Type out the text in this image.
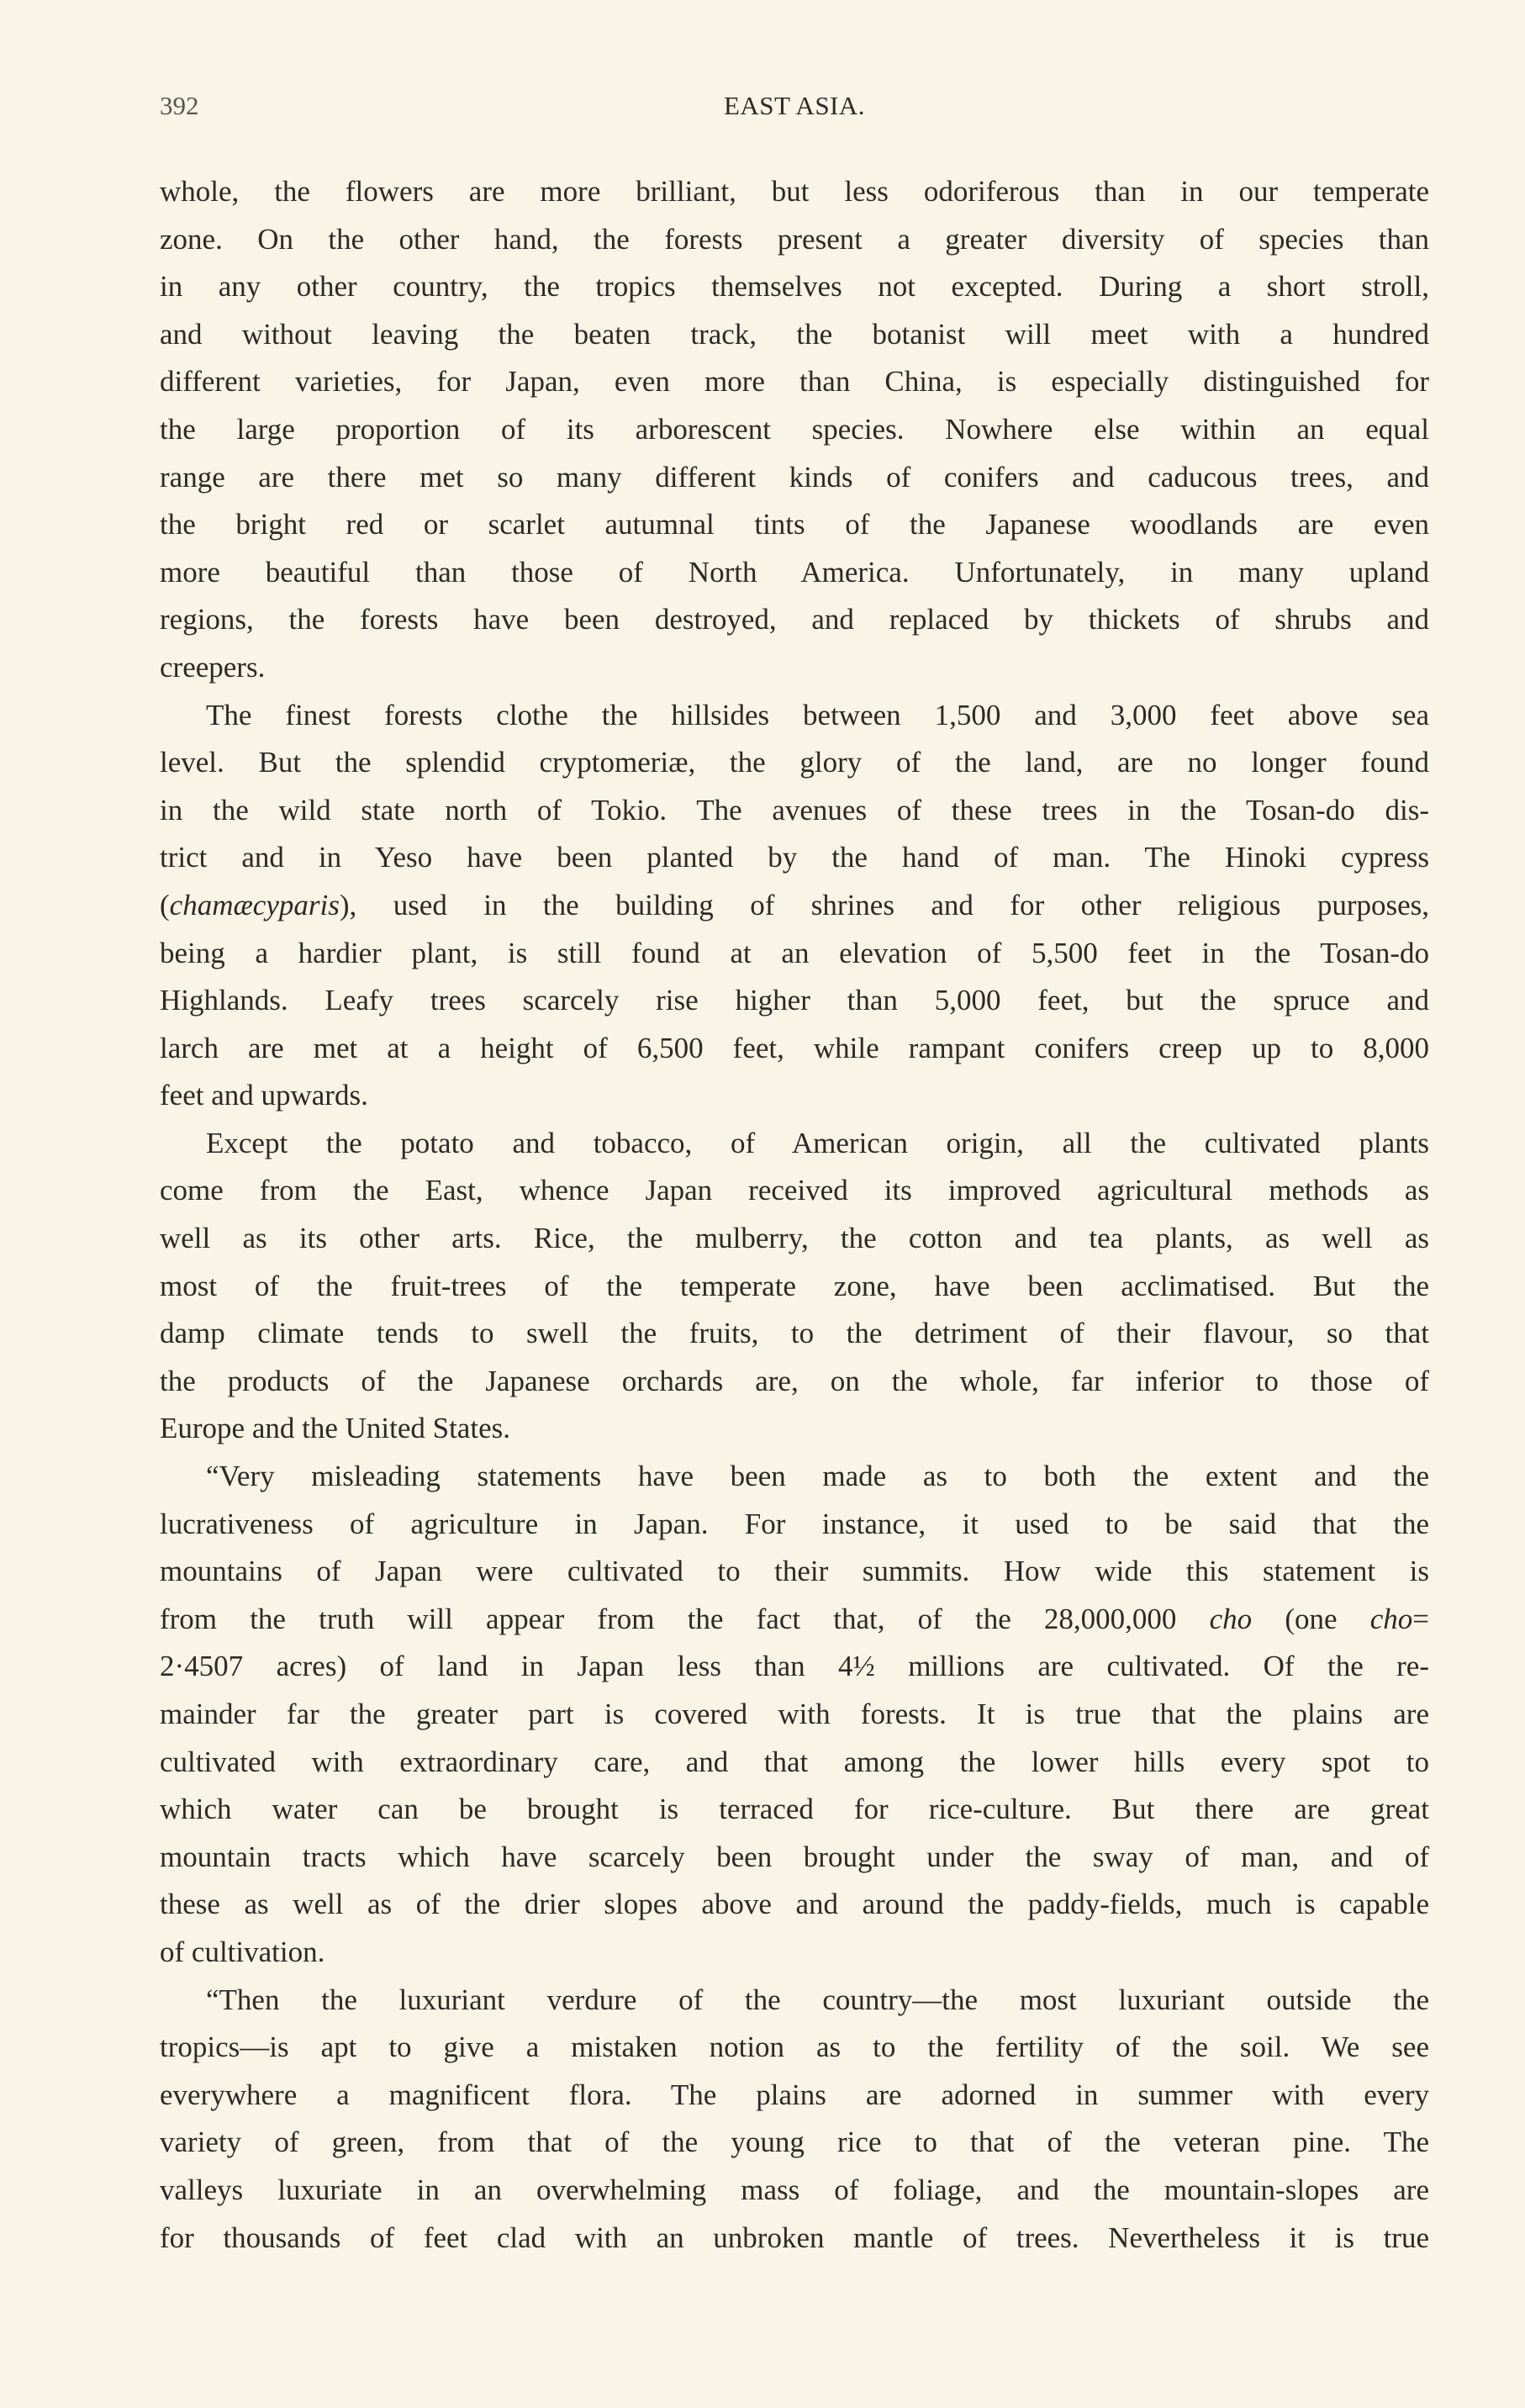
392	EAST ASIA.
whole, the flowers are more brilliant, but less odoriferous than in our temperate
zone. On the other hand, the forests present a greater diversity of species than
in any other country, the tropics themselves not excepted. During a short stroll,
and without leaving the beaten track, the botanist will meet with a hundred
different varieties, for Japan, even more than China, is especially distinguished for
the large proportion of its arborescent species. Nowhere else within an equal
range are there met so many different kinds of conifers and caducous trees, and
the bright red or scarlet autumnal tints of the Japanese woodlands are even
more beautiful than those of North America. Unfortunately, in many upland
regions, the forests have been destroyed, and replaced by thickets of shrubs and
creepers.
The finest forests clothe the hillsides between 1,500 and 3,000 feet above sea
level. But the splendid cryptomeriæ, the glory of the land, are no longer found
in the wild state north of Tokio. The avenues of these trees in the Tosan-do dis-
trict and in Yeso have been planted by the hand of man. The Hinoki cypress
(chamæcyparis), used in the building of shrines and for other religious purposes,
being a hardier plant, is still found at an elevation of 5,500 feet in the Tosan-do
Highlands. Leafy trees scarcely rise higher than 5,000 feet, but the spruce and
larch are met at a height of 6,500 feet, while rampant conifers creep up to 8,000
feet and upwards.
Except the potato and tobacco, of American origin, all the cultivated plants
come from the East, whence Japan received its improved agricultural methods as
well as its other arts. Rice, the mulberry, the cotton and tea plants, as well as
most of the fruit-trees of the temperate zone, have been acclimatised. But the
damp climate tends to swell the fruits, to the detriment of their flavour, so that
the products of the Japanese orchards are, on the whole, far inferior to those of
Europe and the United States.
“Very misleading statements have been made as to both the extent and the
lucrativeness of agriculture in Japan. For instance, it used to be said that the
mountains of Japan were cultivated to their summits. How wide this statement is
from the truth will appear from the fact that, of the 28,000,000 cho (one cho=
2·4507 acres) of land in Japan less than 4½ millions are cultivated. Of the re-
mainder far the greater part is covered with forests. It is true that the plains are
cultivated with extraordinary care, and that among the lower hills every spot to
which water can be brought is terraced for rice-culture. But there are great
mountain tracts which have scarcely been brought under the sway of man, and of
these as well as of the drier slopes above and around the paddy-fields, much is capable
of cultivation.
“Then the luxuriant verdure of the country—the most luxuriant outside the
tropics—is apt to give a mistaken notion as to the fertility of the soil. We see
everywhere a magnificent flora. The plains are adorned in summer with every
variety of green, from that of the young rice to that of the veteran pine. The
valleys luxuriate in an overwhelming mass of foliage, and the mountain-slopes are
for thousands of feet clad with an unbroken mantle of trees. Nevertheless it is true
